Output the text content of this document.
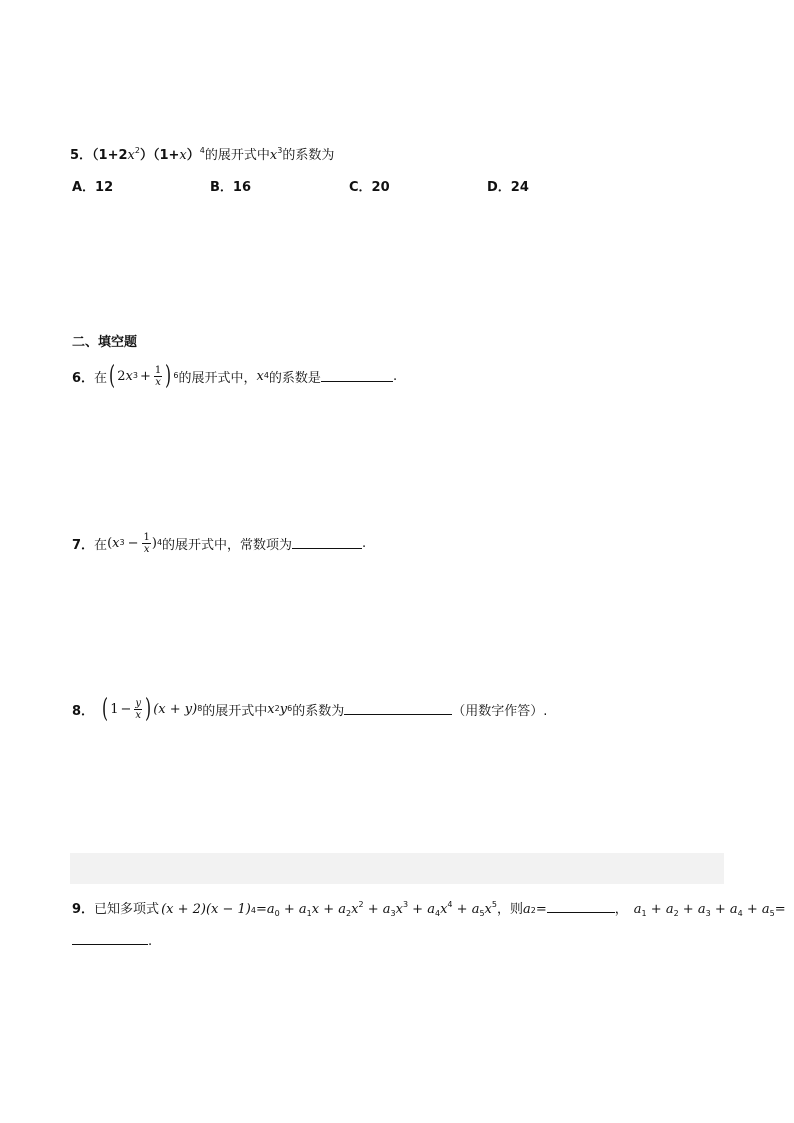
5．$(1+2x^2)(1+x)^4$的展开式中$x^3$的系数为
A．12	B．16	C．20	D．24
二、填空题
6． 在 ( 2 x $3 + \frac{1}{x}$ ) 6 的展开式中， x 4 的系数是	.
7． 在 ( x $3 - \frac{1}{x}$ ) 4 的展开式中，常数项为	.
8． ( $1 - \frac{y}{x}$ ) (x + y) 8 的展开式中 x 2 y 6 的系数为	（用数字作答）.
9． 已知多项式 (x + 2)(x − 1) $4 = a_0 + a_1x + a_2x^2 + a_3x^3 + a_4x^4 + a_5x^5$ ，则 a 2 =	， $a_1 + a_2 + a_3 + a_4 + a_5$ =
.
